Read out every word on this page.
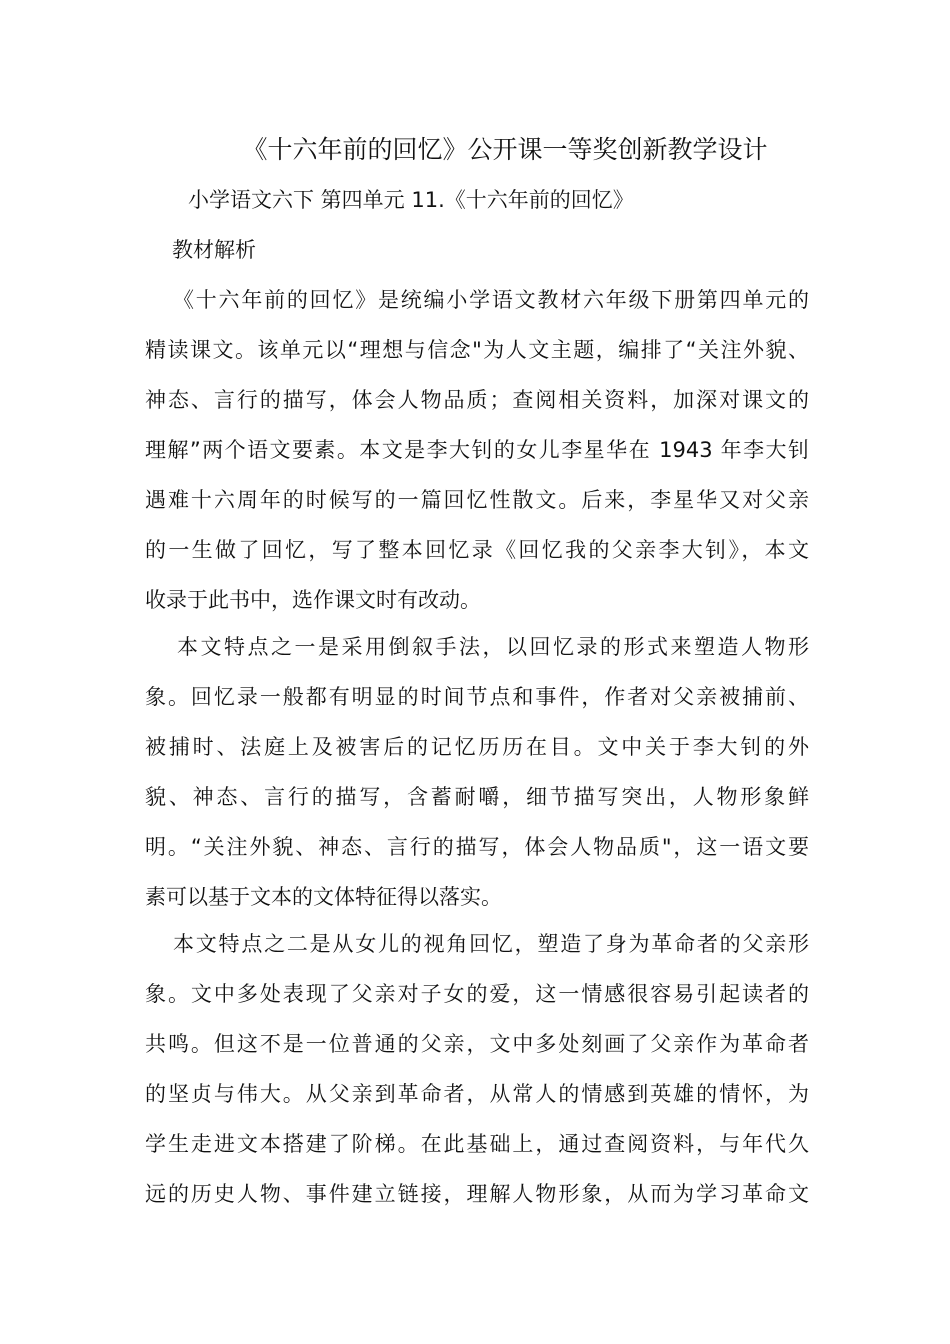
《十六年前的回忆》公开课一等奖创新教学设计
小学语文六下 第四单元 11.《十六年前的回忆》
教材解析
《十六年前的回忆》是统编小学语文教材六年级下册第四单元的
精读课文。该单元以“理想与信念"为人文主题，编排了“关注外貌、
神态、言行的描写，体会人物品质；查阅相关资料，加深对课文的
理解”两个语文要素。本文是李大钊的女儿李星华在 1943 年李大钊
遇难十六周年的时候写的一篇回忆性散文。后来，李星华又对父亲
的一生做了回忆，写了整本回忆录《回忆我的父亲李大钊》，本文
收录于此书中，选作课文时有改动。
本文特点之一是采用倒叙手法，以回忆录的形式来塑造人物形
象。回忆录一般都有明显的时间节点和事件，作者对父亲被捕前、
被捕时、法庭上及被害后的记忆历历在目。文中关于李大钊的外
貌、神态、言行的描写，含蓄耐嚼，细节描写突出，人物形象鲜
明。“关注外貌、神态、言行的描写，体会人物品质"，这一语文要
素可以基于文本的文体特征得以落实。
本文特点之二是从女儿的视角回忆，塑造了身为革命者的父亲形
象。文中多处表现了父亲对子女的爱，这一情感很容易引起读者的
共鸣。但这不是一位普通的父亲，文中多处刻画了父亲作为革命者
的坚贞与伟大。从父亲到革命者，从常人的情感到英雄的情怀，为
学生走进文本搭建了阶梯。在此基础上，通过查阅资料，与年代久
远的历史人物、事件建立链接，理解人物形象，从而为学习革命文
